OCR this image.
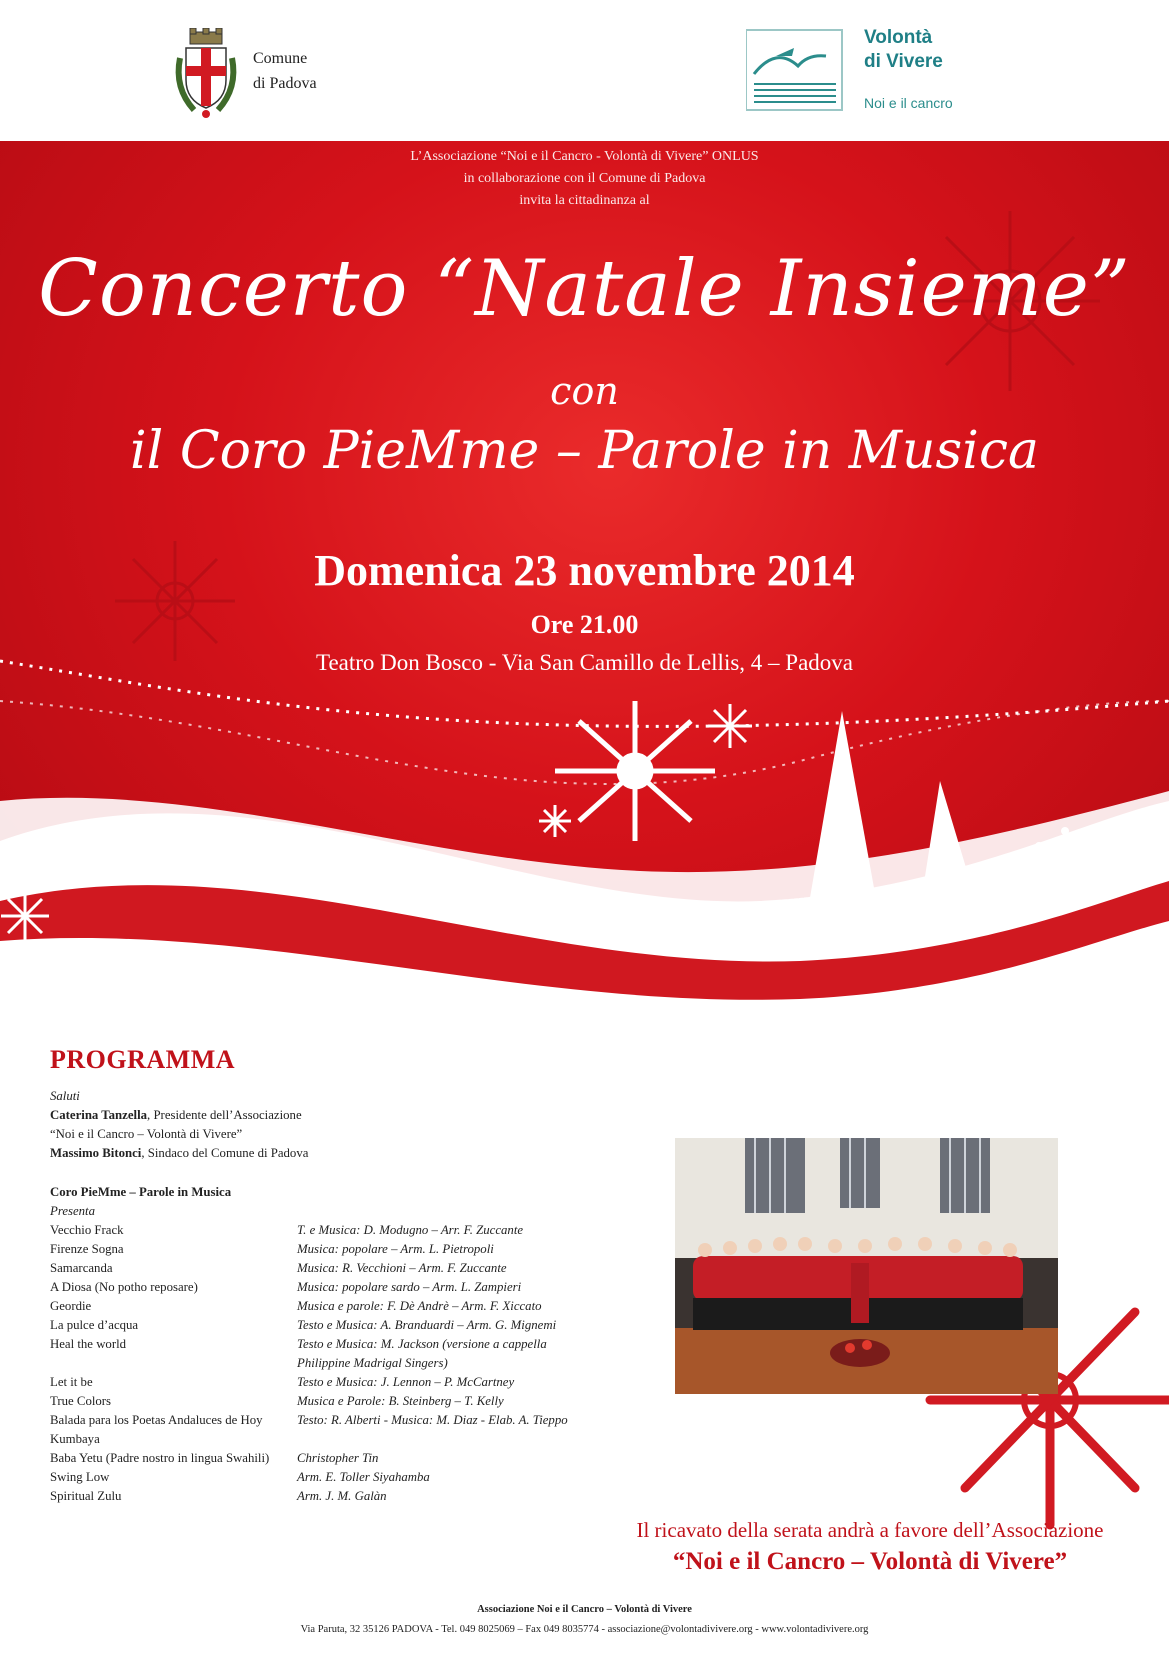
Comune
di Padova
Volontà
di Vivere
Noi e il cancro
L’Associazione “Noi e il Cancro - Volontà di Vivere” ONLUS
in collaborazione con il Comune di Padova
invita la cittadinanza al
Concerto “Natale Insieme”
con
il Coro PieMme – Parole in Musica
Domenica 23 novembre 2014
Ore 21.00
Teatro Don Bosco - Via San Camillo de Lellis, 4 – Padova
PROGRAMMA
Saluti
Caterina Tanzella, Presidente dell’Associazione
“Noi e il Cancro – Volontà di Vivere”
Massimo Bitonci, Sindaco del Comune di Padova
Coro PieMme – Parole in Musica
Presenta
Vecchio Frack	T. e Musica: D. Modugno – Arr. F. Zuccante
Firenze Sogna	Musica: popolare – Arm. L. Pietropoli
Samarcanda	Musica: R. Vecchioni – Arm. F. Zuccante
A Diosa (No potho reposare)	Musica: popolare sardo – Arm. L. Zampieri
Geordie	Musica e parole: F. Dè Andrè – Arm. F. Xiccato
La pulce d’acqua	Testo e Musica: A. Branduardi – Arm. G. Mignemi
Heal the world	Testo e Musica: M. Jackson (versione a cappella
Philippine Madrigal Singers)
Let it be	Testo e Musica: J. Lennon – P. McCartney
True Colors	Musica e Parole: B. Steinberg – T. Kelly
Balada para los Poetas Andaluces de Hoy	Testo: R. Alberti - Musica: M. Diaz - Elab. A. Tieppo
Kumbaya
Baba Yetu (Padre nostro in lingua Swahili) Christopher Tin
Swing Low	Arm. E. Toller Siyahamba
Spiritual Zulu	Arm. J. M. Galàn
Il ricavato della serata andrà a favore dell’Associazione
“Noi e il Cancro – Volontà di Vivere”
Associazione Noi e il Cancro – Volontà di Vivere
Via Paruta, 32 35126 PADOVA - Tel. 049 8025069 – Fax 049 8035774 - associazione@volontadivivere.org - www.volontadivivere.org
